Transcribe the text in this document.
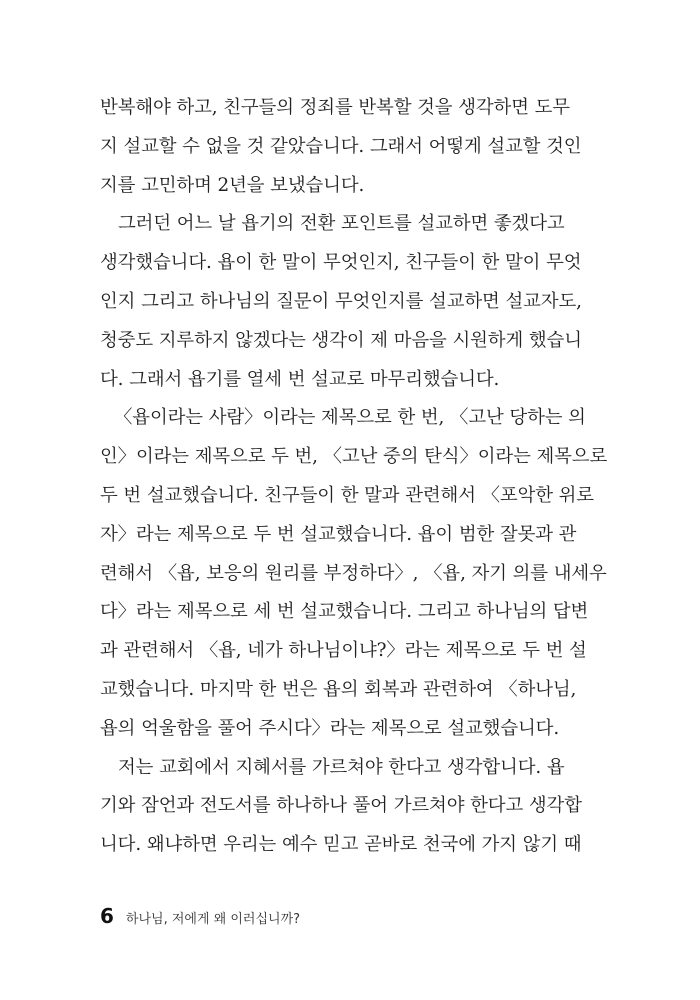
반복해야 하고, 친구들의 정죄를 반복할 것을 생각하면 도무
지 설교할 수 없을 것 같았습니다. 그래서 어떻게 설교할 것인
지를 고민하며 2년을 보냈습니다.
그러던 어느 날 욥기의 전환 포인트를 설교하면 좋겠다고
생각했습니다. 욥이 한 말이 무엇인지, 친구들이 한 말이 무엇
인지 그리고 하나님의 질문이 무엇인지를 설교하면 설교자도,
청중도 지루하지 않겠다는 생각이 제 마음을 시원하게 했습니
다. 그래서 욥기를 열세 번 설교로 마무리했습니다.
〈욥이라는 사람〉이라는 제목으로 한 번, 〈고난 당하는 의
인〉이라는 제목으로 두 번, 〈고난 중의 탄식〉이라는 제목으로
두 번 설교했습니다. 친구들이 한 말과 관련해서 〈포악한 위로
자〉라는 제목으로 두 번 설교했습니다. 욥이 범한 잘못과 관
련해서 〈욥, 보응의 원리를 부정하다〉, 〈욥, 자기 의를 내세우
다〉라는 제목으로 세 번 설교했습니다. 그리고 하나님의 답변
과 관련해서 〈욥, 네가 하나님이냐?〉라는 제목으로 두 번 설
교했습니다. 마지막 한 번은 욥의 회복과 관련하여 〈하나님,
욥의 억울함을 풀어 주시다〉라는 제목으로 설교했습니다.
저는 교회에서 지혜서를 가르쳐야 한다고 생각합니다. 욥
기와 잠언과 전도서를 하나하나 풀어 가르쳐야 한다고 생각합
니다. 왜냐하면 우리는 예수 믿고 곧바로 천국에 가지 않기 때
6 하나님, 저에게 왜 이러십니까?
